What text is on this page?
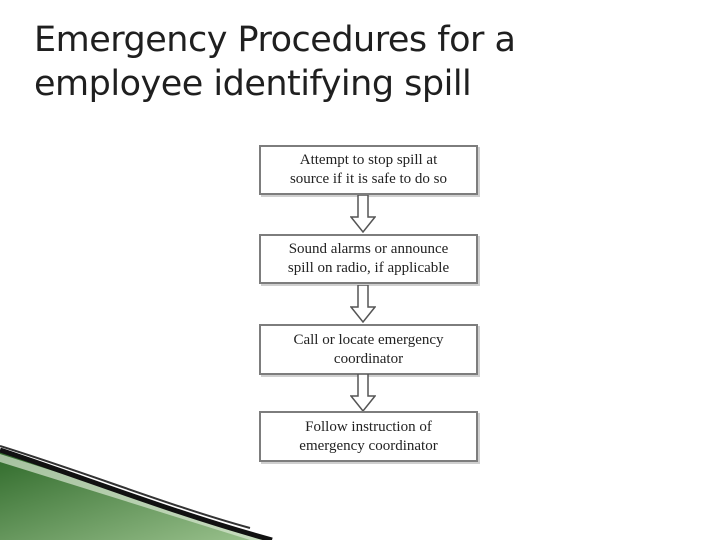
Emergency Procedures for a
employee identifying spill
Attempt to stop spill at
source if it is safe to do so
Sound alarms or announce
spill on radio, if applicable
Call or locate emergency
coordinator
Follow instruction of
emergency coordinator
